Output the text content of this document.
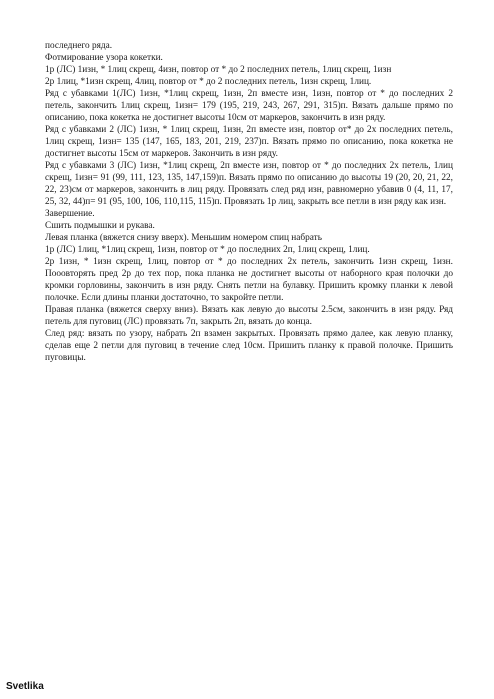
последнего ряда.

Фотмирование узора кокетки.

1р (ЛС) 1изн, * 1лиц скрещ, 4изн, повтор от * до 2 последних петель, 1лиц скрещ, 1изн

2р 1лиц, *1изн скрещ, 4лиц, повтор от * до 2 последних петель, 1изн скрещ, 1лиц.

Ряд с убавками 1(ЛС) 1изн, *1лиц скрещ, 1изн, 2п вместе изн, 1изн, повтор от * до последних 2 петель, закончить 1лиц скрещ, 1изн= 179 (195, 219, 243, 267, 291, 315)п. Вязать дальше прямо по описанию, пока кокетка не достигнет высоты 10см от маркеров, закончить в изн ряду.

Ряд с убавками 2 (ЛС) 1изн, * 1лиц скрещ, 1изн, 2п вместе изн, повтор от* до 2х последних петель, 1лиц скрещ, 1изн= 135 (147, 165, 183, 201, 219, 237)п. Вязать прямо по описанию, пока кокетка не достигнет высоты 15см от маркеров. Закончить в изн ряду.

Ряд с убавками 3 (ЛС) 1изн, *1лиц скрещ, 2п вместе изн, повтор от * до последних 2х петель, 1лиц скрещ, 1изн= 91 (99, 111, 123, 135, 147,159)п. Вязать прямо по описанию до высоты 19 (20, 20, 21, 22, 22, 23)см от маркеров, закончить в лиц ряду. Провязать след ряд изн, равномерно убавив 0 (4, 11, 17, 25, 32, 44)п= 91 (95, 100, 106, 110,115, 115)п. Провязать 1р лиц, закрыть все петли в изн ряду как изн.

Завершение.

Сшить подмышки и рукава.

Левая планка (вяжется снизу вверх). Меньшим номером спиц набрать

1р (ЛС) 1лиц, *1лиц скрещ, 1изн, повтор от * до последних 2п, 1лиц скрещ, 1лиц.

2р 1изн, * 1изн скрещ, 1лиц, повтор от * до последних 2х петель, закончить 1изн скрещ, 1изн. Пооовторять пред 2р до тех пор, пока планка не достигнет высоты от наборного края полочки до кромки горловины, закончить в изн ряду. Снять петли на булавку. Пришить кромку планки к левой полочке. Если длины планки достаточно, то закройте петли.

Правая планка (вяжется сверху вниз). Вязать как левую до высоты 2.5см, закончить в изн ряду. Ряд петель для пуговиц (ЛС) провязать 7п, закрыть 2п, вязать до конца.

След ряд: вязать по узору, набрать 2п взамен закрытых. Провязать прямо далее, как левую планку, сделав еще 2 петли для пуговиц в течение след 10см. Пришить планку к правой полочке. Пришить пуговицы.

Svetlika
